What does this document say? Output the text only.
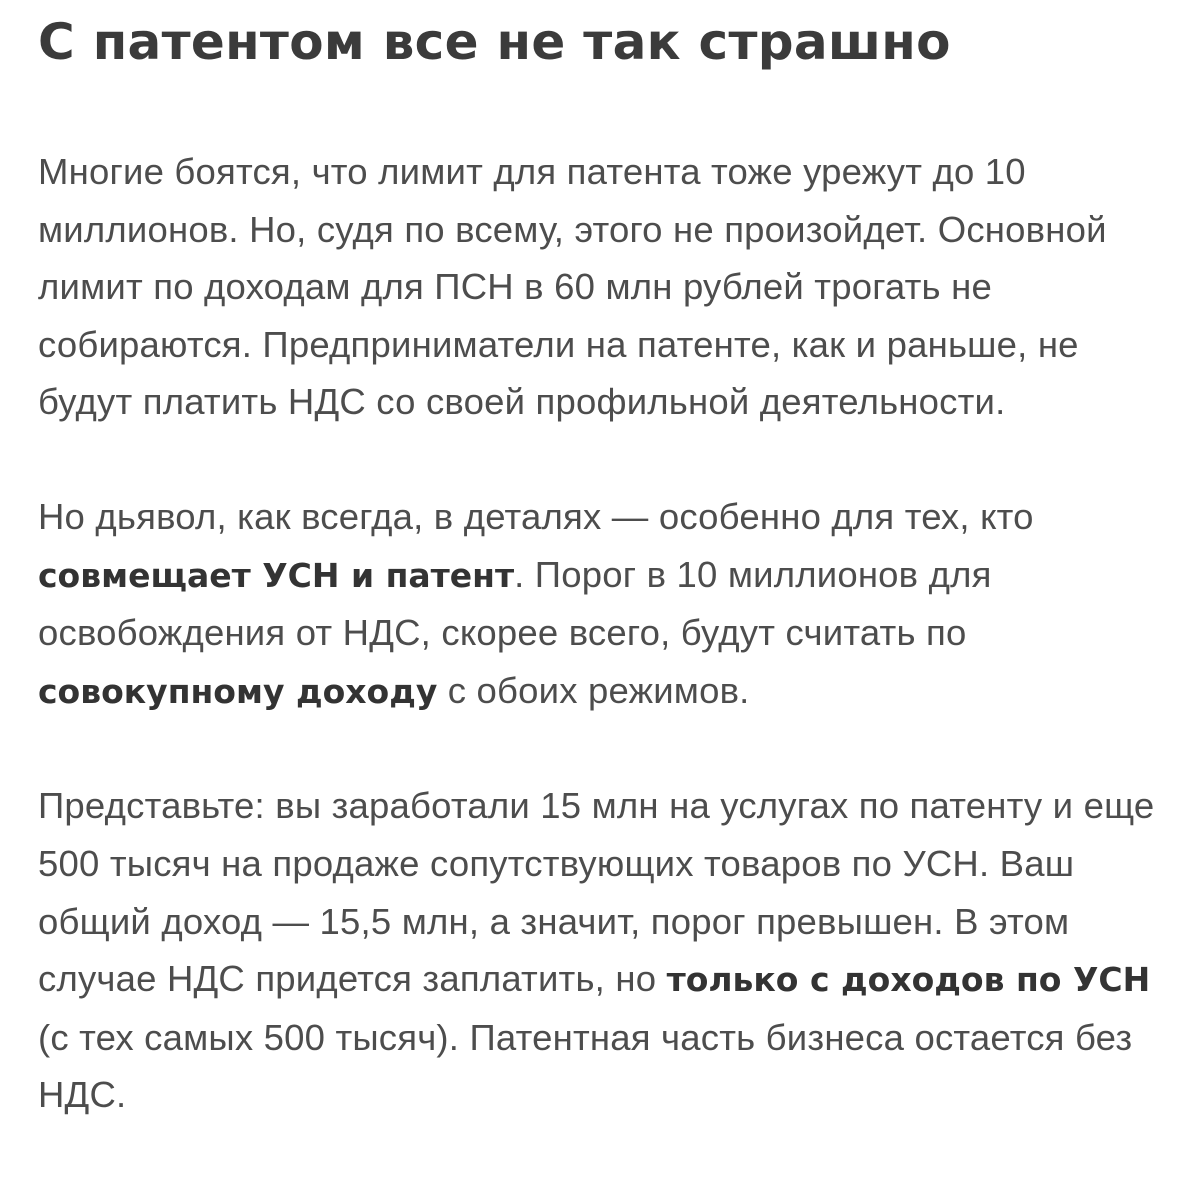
С патентом все не так страшно

Многие боятся, что лимит для патента тоже урежут до 10 миллионов. Но, судя по всему, этого не произойдет. Основной лимит по доходам для ПСН в 60 млн рублей трогать не собираются. Предприниматели на патенте, как и раньше, не будут платить НДС со своей профильной деятельности.

Но дьявол, как всегда, в деталях — особенно для тех, кто совмещает УСН и патент. Порог в 10 миллионов для освобождения от НДС, скорее всего, будут считать по совокупному доходу с обоих режимов.

Представьте: вы заработали 15 млн на услугах по патенту и еще 500 тысяч на продаже сопутствующих товаров по УСН. Ваш общий доход — 15,5 млн, а значит, порог превышен. В этом случае НДС придется заплатить, но только с доходов по УСН (с тех самых 500 тысяч). Патентная часть бизнеса остается без НДС.
